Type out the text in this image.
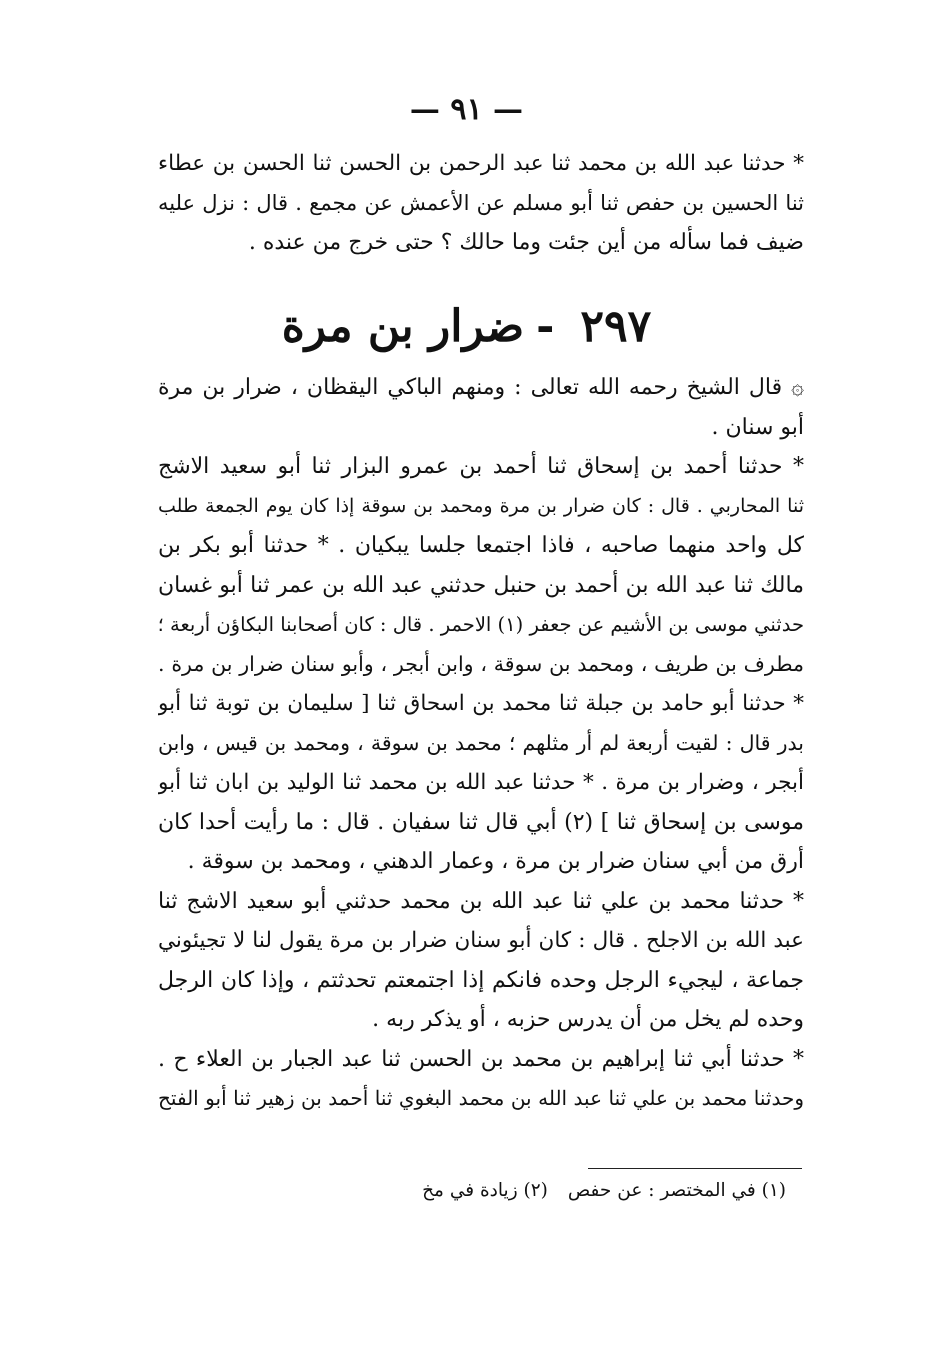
— ٩١ —
* حدثنا عبد الله بن محمد ثنا عبد الرحمن بن الحسن ثنا الحسن بن عطاء
ثنا الحسين بن حفص ثنا أبو مسلم عن الأعمش عن مجمع . قال : نزل عليه
ضيف فما سأله من أين جئت وما حالك ؟ حتى خرج من عنده .
٢٩٧-ضرار بن مرة
۞ قال الشيخ رحمه الله تعالى : ومنهم الباكي اليقظان ، ضرار بن مرة
أبو سنان .
* حدثنا أحمد بن إسحاق ثنا أحمد بن عمرو البزار ثنا أبو سعيد الاشج
ثنا المحاربي . قال : كان ضرار بن مرة ومحمد بن سوقة إذا كان يوم الجمعة طلب
كل واحد منهما صاحبه ، فاذا اجتمعا جلسا يبكيان . * حدثنا أبو بكر بن
مالك ثنا عبد الله بن أحمد بن حنبل حدثني عبد الله بن عمر ثنا أبو غسان
حدثني موسى بن الأشيم عن جعفر (١) الاحمر . قال : كان أصحابنا البكاؤن أربعة ؛
مطرف بن طريف ، ومحمد بن سوقة ، وابن أبجر ، وأبو سنان ضرار بن مرة .
* حدثنا أبو حامد بن جبلة ثنا محمد بن اسحاق ثنا [ سليمان بن توبة ثنا أبو
بدر قال : لقيت أربعة لم أر مثلهم ؛ محمد بن سوقة ، ومحمد بن قيس ، وابن
أبجر ، وضرار بن مرة . * حدثنا عبد الله بن محمد ثنا الوليد بن ابان ثنا أبو
موسى بن إسحاق ثنا ] (٢) أبي قال ثنا سفيان . قال : ما رأيت أحدا كان
أرق من أبي سنان ضرار بن مرة ، وعمار الدهني ، ومحمد بن سوقة .
* حدثنا محمد بن علي ثنا عبد الله بن محمد حدثني أبو سعيد الاشج ثنا
عبد الله بن الاجلح . قال : كان أبو سنان ضرار بن مرة يقول لنا لا تجيئوني
جماعة ، ليجيء الرجل وحده فانكم إذا اجتمعتم تحدثتم ، وإذا كان الرجل
وحده لم يخل من أن يدرس حزبه ، أو يذكر ربه .
* حدثنا أبي ثنا إبراهيم بن محمد بن الحسن ثنا عبد الجبار بن العلاء ح .
وحدثنا محمد بن علي ثنا عبد الله بن محمد البغوي ثنا أحمد بن زهير ثنا أبو الفتح
(١) في المختصر : عن حفص(٢) زيادة في مخ
